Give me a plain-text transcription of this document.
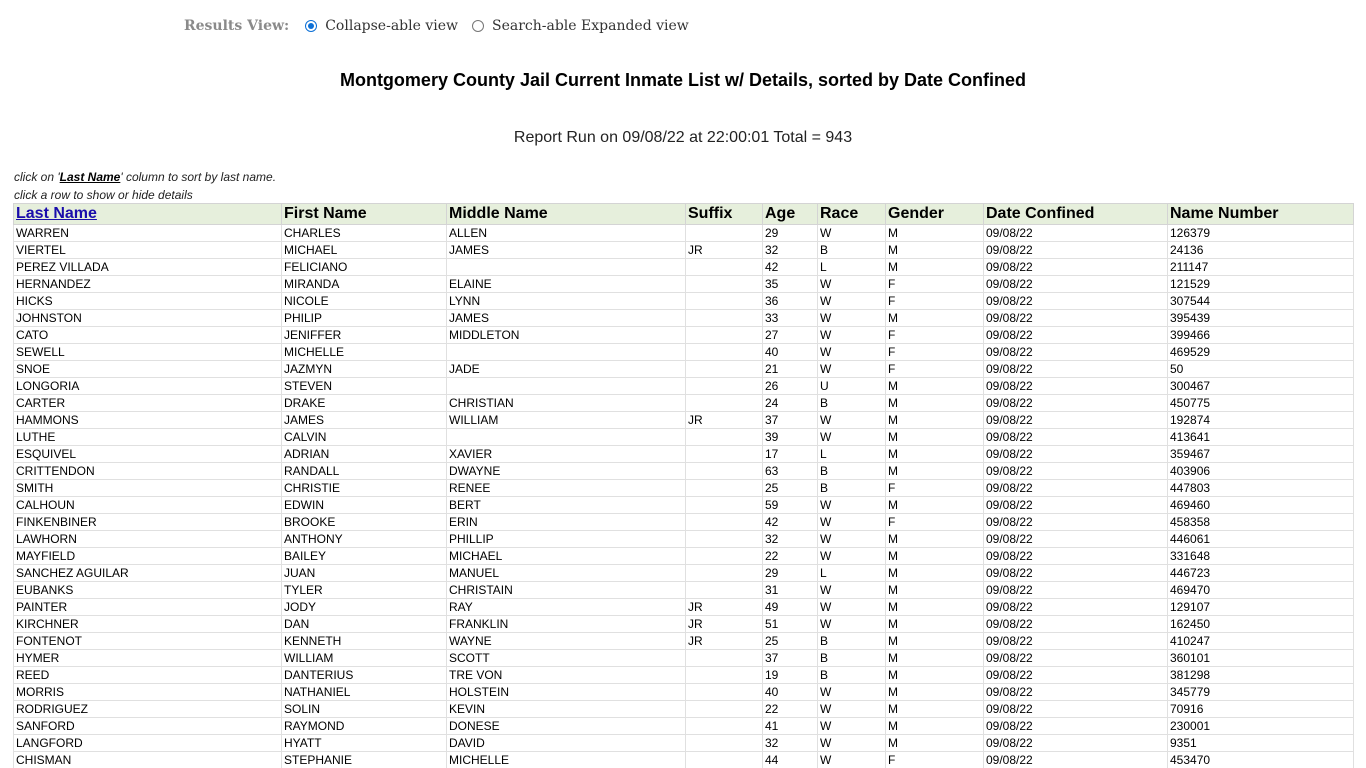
Results View:	Collapse-able view Search-able Expanded view
Montgomery County Jail Current Inmate List w/ Details, sorted by Date Confined
Report Run on 09/08/22 at 22:00:01 Total = 943
click on 'Last Name' column to sort by last name.
click a row to show or hide details
Last Name	First Name	Middle Name	Suffix	Age	Race	Gender	Date Confined	Name Number
WARREN	CHARLES	ALLEN		29	W	M	09/08/22	126379
VIERTEL	MICHAEL	JAMES	JR	32	B	M	09/08/22	24136
PEREZ VILLADA	FELICIANO			42	L	M	09/08/22	211147
HERNANDEZ	MIRANDA	ELAINE		35	W	F	09/08/22	121529
HICKS	NICOLE	LYNN		36	W	F	09/08/22	307544
JOHNSTON	PHILIP	JAMES		33	W	M	09/08/22	395439
CATO	JENIFFER	MIDDLETON		27	W	F	09/08/22	399466
SEWELL	MICHELLE			40	W	F	09/08/22	469529
SNOE	JAZMYN	JADE		21	W	F	09/08/22	50
LONGORIA	STEVEN			26	U	M	09/08/22	300467
CARTER	DRAKE	CHRISTIAN		24	B	M	09/08/22	450775
HAMMONS	JAMES	WILLIAM	JR	37	W	M	09/08/22	192874
LUTHE	CALVIN			39	W	M	09/08/22	413641
ESQUIVEL	ADRIAN	XAVIER		17	L	M	09/08/22	359467
CRITTENDON	RANDALL	DWAYNE		63	B	M	09/08/22	403906
SMITH	CHRISTIE	RENEE		25	B	F	09/08/22	447803
CALHOUN	EDWIN	BERT		59	W	M	09/08/22	469460
FINKENBINER	BROOKE	ERIN		42	W	F	09/08/22	458358
LAWHORN	ANTHONY	PHILLIP		32	W	M	09/08/22	446061
MAYFIELD	BAILEY	MICHAEL		22	W	M	09/08/22	331648
SANCHEZ AGUILAR	JUAN	MANUEL		29	L	M	09/08/22	446723
EUBANKS	TYLER	CHRISTAIN		31	W	M	09/08/22	469470
PAINTER	JODY	RAY	JR	49	W	M	09/08/22	129107
KIRCHNER	DAN	FRANKLIN	JR	51	W	M	09/08/22	162450
FONTENOT	KENNETH	WAYNE	JR	25	B	M	09/08/22	410247
HYMER	WILLIAM	SCOTT		37	B	M	09/08/22	360101
REED	DANTERIUS	TRE VON		19	B	M	09/08/22	381298
MORRIS	NATHANIEL	HOLSTEIN		40	W	M	09/08/22	345779
RODRIGUEZ	SOLIN	KEVIN		22	W	M	09/08/22	70916
SANFORD	RAYMOND	DONESE		41	W	M	09/08/22	230001
LANGFORD	HYATT	DAVID		32	W	M	09/08/22	9351
CHISMAN	STEPHANIE	MICHELLE		44	W	F	09/08/22	453470
